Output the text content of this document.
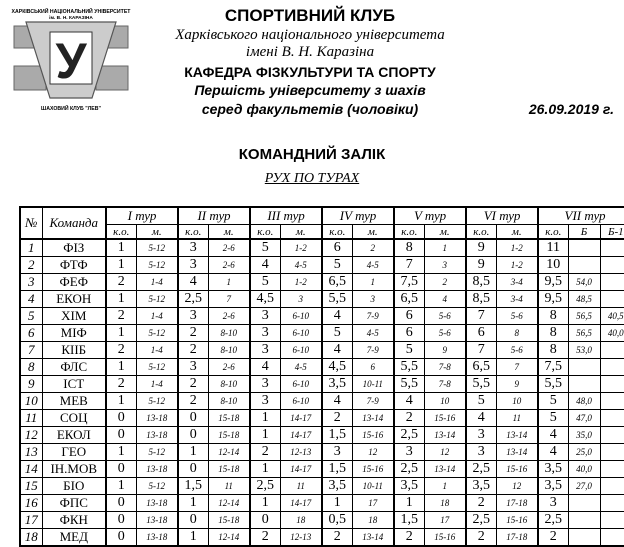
ХАРКІВСЬКИЙ НАЦІОНАЛЬНИЙ УНІВЕРСИТЕТ
ім. В. Н. КАРАЗІНА
У
ШАХОВИЙ КЛУБ "ЛЕВ"
СПОРТИВНИЙ КЛУБ
Харківського національного університета
імені В. Н. Каразіна
КАФЕДРА ФІЗКУЛЬТУРИ ТА СПОРТУ
Першість університету з шахів
серед факультетів (чоловіки)	26.09.2019 г.
КОМАНДНИЙ ЗАЛІК
РУХ ПО ТУРАХ
№	Команда	І тур		ІІ тур		ІІІ тур		IV тур		V тур		VI тур		VII тур		
		к.о.	м.	к.о.	м.	к.о.	м.	к.о.	м.	к.о.	м.	к.о.	м.	к.о.	Б	Б-1
1	ФІЗ	1	5-12	3	2-6	5	1-2	6	2	8	1	9	1-2	11		
2	ФТФ	1	5-12	3	2-6	4	4-5	5	4-5	7	3	9	1-2	10		
3	ФЕФ	2	1-4	4	1	5	1-2	6,5	1	7,5	2	8,5	3-4	9,5	54,0	
4	ЕКОН	1	5-12	2,5	7	4,5	3	5,5	3	6,5	4	8,5	3-4	9,5	48,5	
5	ХІМ	2	1-4	3	2-6	3	6-10	4	7-9	6	5-6	7	5-6	8	56,5	40,5
6	МІФ	1	5-12	2	8-10	3	6-10	5	4-5	6	5-6	6	8	8	56,5	40,0
7	КІІБ	2	1-4	2	8-10	3	6-10	4	7-9	5	9	7	5-6	8	53,0	
8	ФЛС	1	5-12	3	2-6	4	4-5	4,5	6	5,5	7-8	6,5	7	7,5		
9	ІСТ	2	1-4	2	8-10	3	6-10	3,5	10-11	5,5	7-8	5,5	9	5,5		
10	МЕВ	1	5-12	2	8-10	3	6-10	4	7-9	4	10	5	10	5	48,0	
11	СОЦ	0	13-18	0	15-18	1	14-17	2	13-14	2	15-16	4	11	5	47,0	
12	ЕКОЛ	0	13-18	0	15-18	1	14-17	1,5	15-16	2,5	13-14	3	13-14	4	35,0	
13	ГЕО	1	5-12	1	12-14	2	12-13	3	12	3	12	3	13-14	4	25,0	
14	ІН.МОВ	0	13-18	0	15-18	1	14-17	1,5	15-16	2,5	13-14	2,5	15-16	3,5	40,0	
15	БІО	1	5-12	1,5	11	2,5	11	3,5	10-11	3,5	1	3,5	12	3,5	27,0	
16	ФПС	0	13-18	1	12-14	1	14-17	1	17	1	18	2	17-18	3		
17	ФКН	0	13-18	0	15-18	0	18	0,5	18	1,5	17	2,5	15-16	2,5		
18	МЕД	0	13-18	1	12-14	2	12-13	2	13-14	2	15-16	2	17-18	2		
